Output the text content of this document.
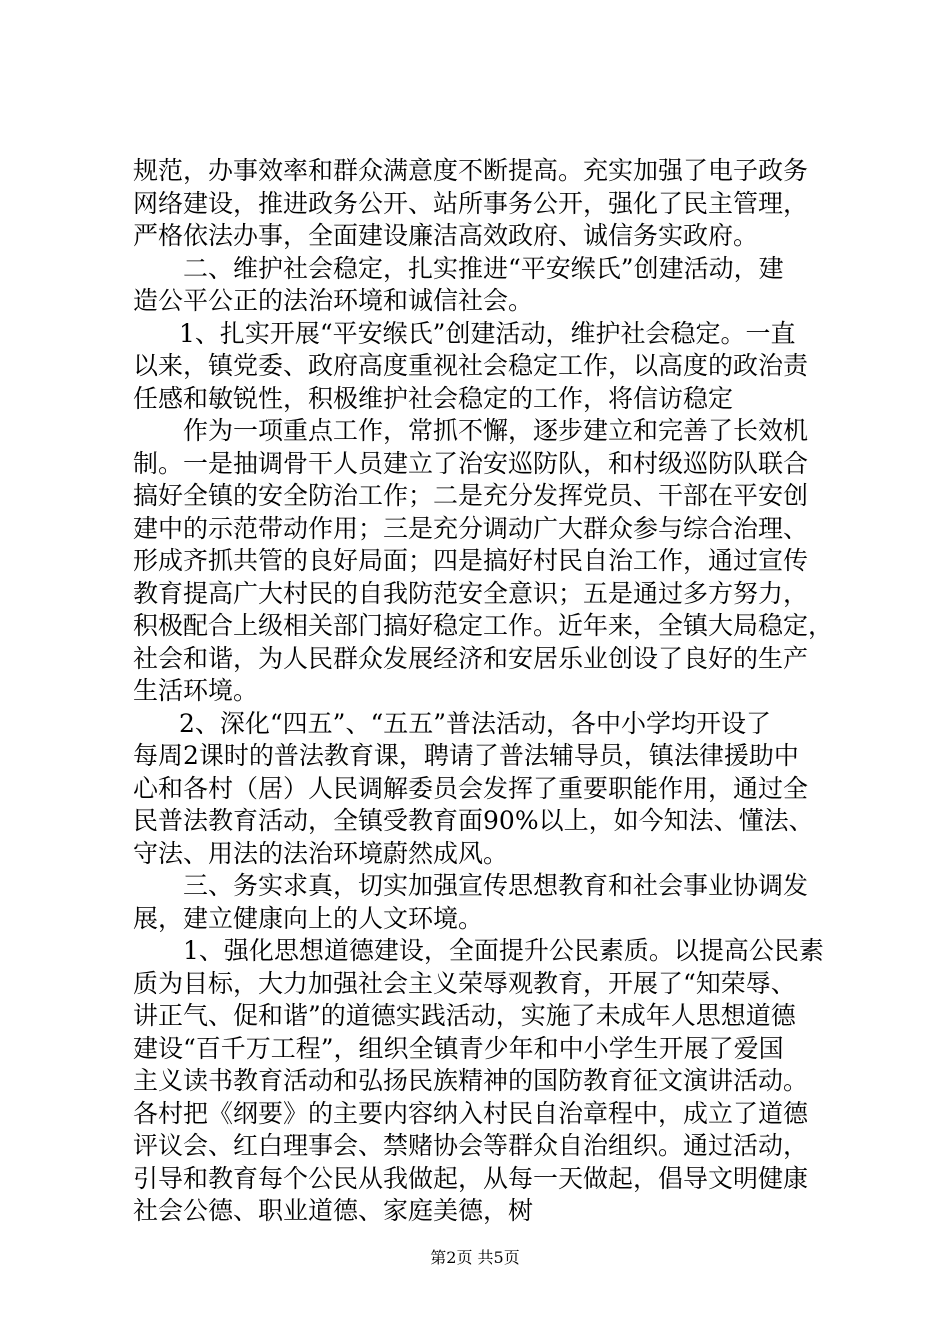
规范，办事效率和群众满意度不断提高。充实加强了电子政务
网络建设，推进政务公开、站所事务公开，强化了民主管理，
严格依法办事，全面建设廉洁高效政府、诚信务实政府。
二、维护社会稳定，扎实推进“平安缑氏”创建活动，建
造公平公正的法治环境和诚信社会。
1、扎实开展“平安缑氏”创建活动，维护社会稳定。一直
以来，镇党委、政府高度重视社会稳定工作，以高度的政治责
任感和敏锐性，积极维护社会稳定的工作，将信访稳定
作为一项重点工作，常抓不懈，逐步建立和完善了长效机
制。一是抽调骨干人员建立了治安巡防队，和村级巡防队联合
搞好全镇的安全防治工作；二是充分发挥党员、干部在平安创
建中的示范带动作用；三是充分调动广大群众参与综合治理、
形成齐抓共管的良好局面；四是搞好村民自治工作，通过宣传
教育提高广大村民的自我防范安全意识；五是通过多方努力，
积极配合上级相关部门搞好稳定工作。近年来，全镇大局稳定，
社会和谐，为人民群众发展经济和安居乐业创设了良好的生产
生活环境。
2、深化“四五”、“五五”普法活动，各中小学均开设了
每周2课时的普法教育课，聘请了普法辅导员，镇法律援助中
心和各村（居）人民调解委员会发挥了重要职能作用，通过全
民普法教育活动，全镇受教育面90%以上，如今知法、懂法、
守法、用法的法治环境蔚然成风。
三、务实求真，切实加强宣传思想教育和社会事业协调发
展，建立健康向上的人文环境。
1、强化思想道德建设，全面提升公民素质。以提高公民素
质为目标，大力加强社会主义荣辱观教育，开展了“知荣辱、
讲正气、促和谐”的道德实践活动，实施了未成年人思想道德
建设“百千万工程”，组织全镇青少年和中小学生开展了爱国
主义读书教育活动和弘扬民族精神的国防教育征文演讲活动。
各村把《纲要》的主要内容纳入村民自治章程中，成立了道德
评议会、红白理事会、禁赌协会等群众自治组织。通过活动，
引导和教育每个公民从我做起，从每一天做起，倡导文明健康
社会公德、职业道德、家庭美德，树
第2页 共5页
